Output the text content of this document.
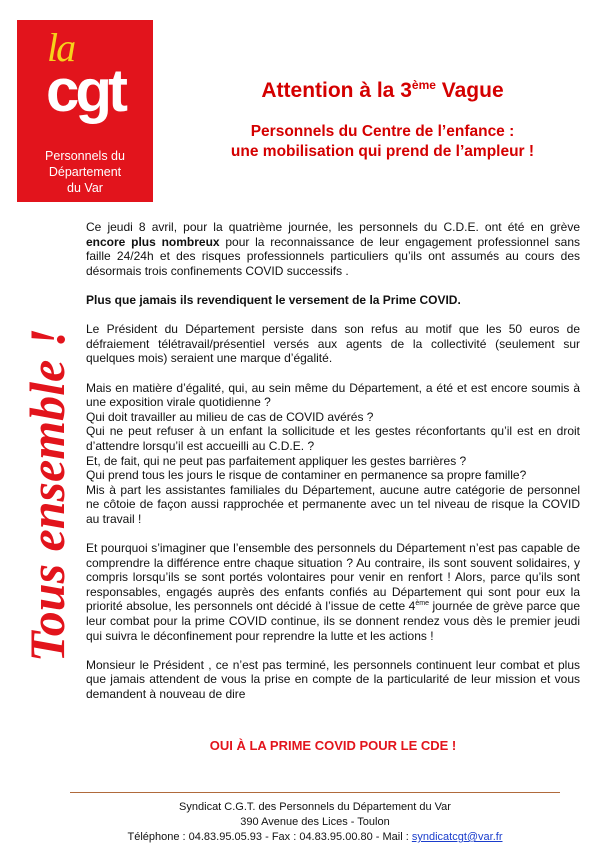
la
cgt
Personnels du
Département
du Var
Attention à la 3ème Vague
Personnels du Centre de l’enfance :
une mobilisation qui prend de l’ampleur !
Tous ensemble !

Ce jeudi 8 avril, pour la quatrième journée, les personnels du C.D.E. ont été en grève encore plus nombreux pour la reconnaissance de leur engagement professionnel sans faille 24/24h et des risques professionnels particuliers qu’ils ont assumés au cours des désormais trois confinements COVID successifs .

Plus que jamais ils revendiquent le versement de la Prime COVID.

Le Président du Département persiste dans son refus au motif que les 50 euros de défraiement télétravail/présentiel versés aux agents de la collectivité (seulement sur quelques mois) seraient une marque d’égalité.

Mais en matière d’égalité, qui, au sein même du Département, a été et est encore soumis à une exposition virale quotidienne ?
Qui doit travailler au milieu de cas de COVID avérés ?
Qui ne peut refuser à un enfant la sollicitude et les gestes réconfortants qu’il est en droit d’attendre lorsqu’il est accueilli au C.D.E. ?
Et, de fait, qui ne peut pas parfaitement appliquer les gestes barrières ?
Qui prend tous les jours le risque de contaminer en permanence sa propre famille?
Mis à part les assistantes familiales du Département, aucune autre catégorie de personnel ne côtoie de façon aussi rapprochée et permanente avec un tel niveau de risque la COVID au travail !

Et pourquoi s’imaginer que l’ensemble des personnels du Département n’est pas capable de comprendre la différence entre chaque situation ? Au contraire, ils sont souvent solidaires, y compris lorsqu’ils se sont portés volontaires pour venir en renfort ! Alors, parce qu’ils sont responsables, engagés auprès des enfants confiés au Département qui sont pour eux la priorité absolue, les personnels ont décidé à l’issue de cette 4ème journée de grève parce que leur combat pour la prime COVID continue, ils se donnent rendez vous dès le premier jeudi qui suivra le déconfinement pour reprendre la lutte et les actions !

Monsieur le Président , ce n’est pas terminé, les personnels continuent leur combat et plus que jamais attendent de vous la prise en compte de la particularité de leur mission et vous demandent à nouveau de dire

OUI À LA PRIME COVID POUR LE CDE !
Syndicat C.G.T. des Personnels du Département du Var
390 Avenue des Lices - Toulon
Téléphone : 04.83.95.05.93 - Fax : 04.83.95.00.80 - Mail : syndicatcgt@var.fr
